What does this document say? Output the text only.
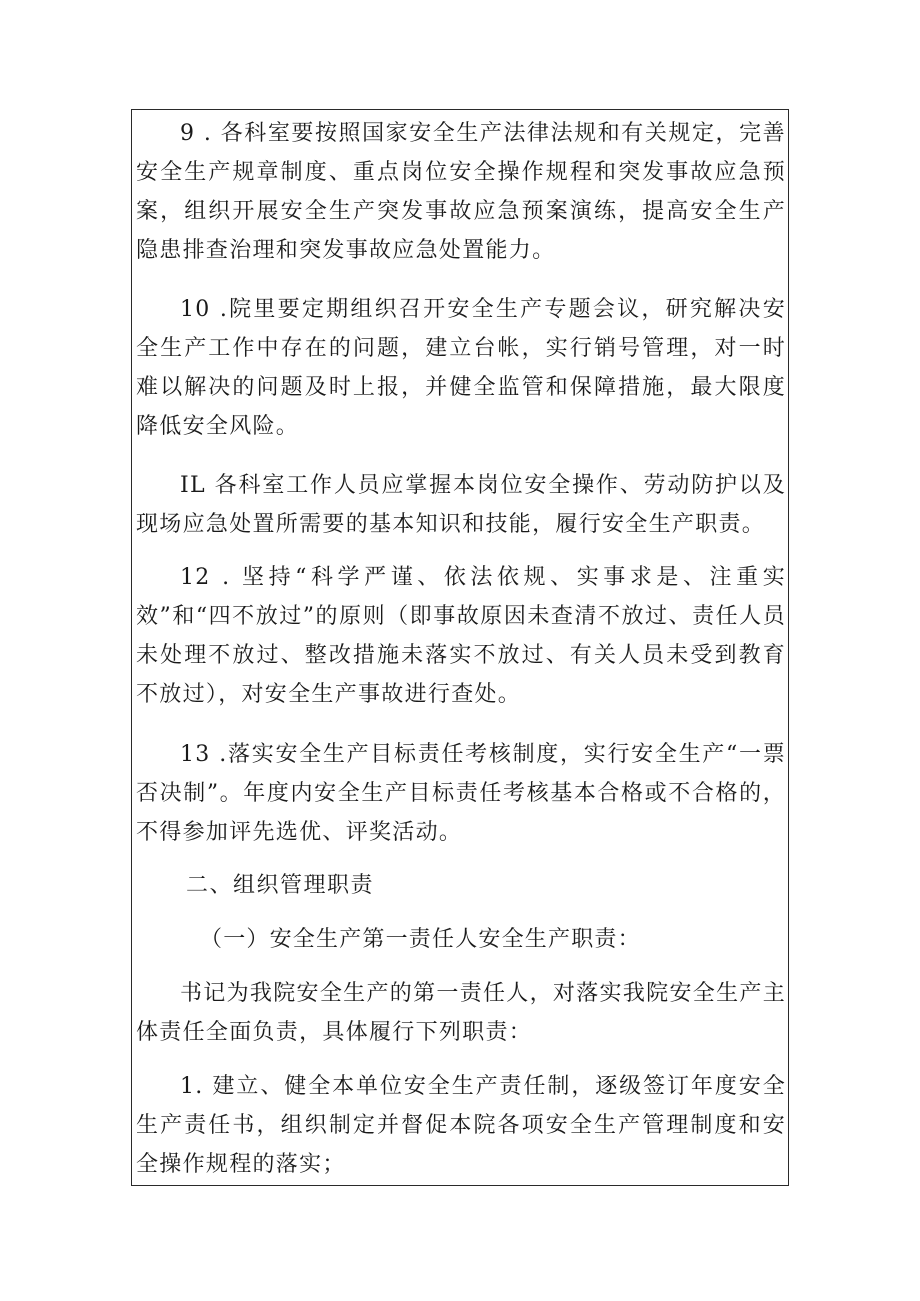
9 . 各科室要按照国家安全生产法律法规和有关规定，完善安全生产规章制度、重点岗位安全操作规程和突发事故应急预案，组织开展安全生产突发事故应急预案演练，提高安全生产隐患排查治理和突发事故应急处置能力。

10 .院里要定期组织召开安全生产专题会议，研究解决安全生产工作中存在的问题，建立台帐，实行销号管理，对一时难以解决的问题及时上报，并健全监管和保障措施，最大限度降低安全风险。

IL 各科室工作人员应掌握本岗位安全操作、劳动防护以及现场应急处置所需要的基本知识和技能，履行安全生产职责。

12 . 坚持“科学严谨、依法依规、实事求是、注重实效”和“四不放过”的原则（即事故原因未查清不放过、责任人员未处理不放过、整改措施未落实不放过、有关人员未受到教育不放过），对安全生产事故进行查处。

13 .落实安全生产目标责任考核制度，实行安全生产“一票否决制”。年度内安全生产目标责任考核基本合格或不合格的，不得参加评先选优、评奖活动。

二、组织管理职责

（一）安全生产第一责任人安全生产职责：

书记为我院安全生产的第一责任人，对落实我院安全生产主体责任全面负责，具体履行下列职责：

1. 建立、健全本单位安全生产责任制，逐级签订年度安全生产责任书，组织制定并督促本院各项安全生产管理制度和安全操作规程的落实；
